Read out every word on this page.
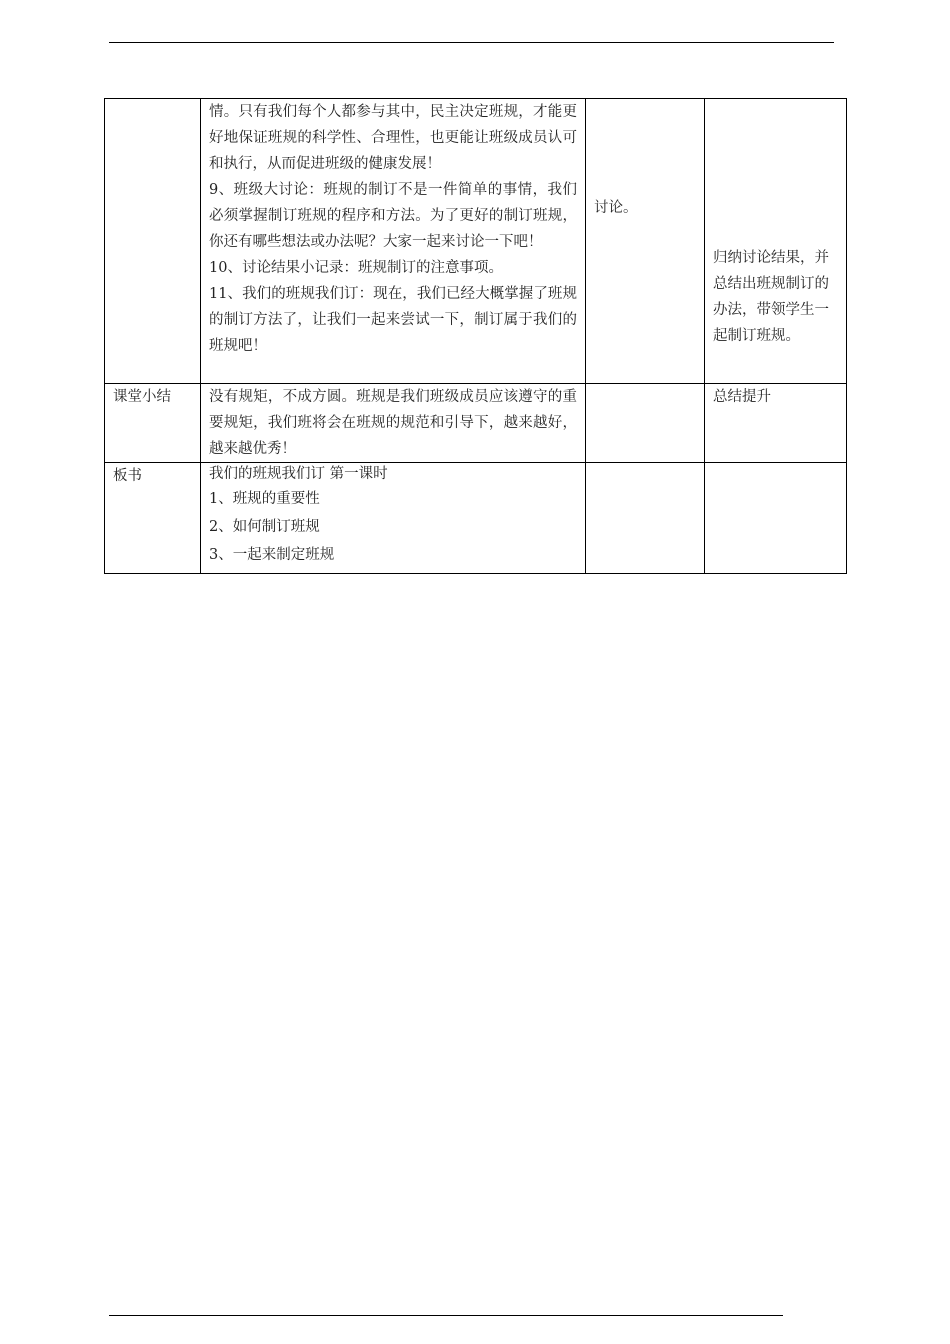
	情。只有我们每个人都参与其中，民主决定班规，才能更好地保证班规的科学性、合理性，也更能让班级成员认可和执行，从而促进班级的健康发展！
9、班级大讨论：班规的制订不是一件简单的事情，我们必须掌握制订班规的程序和方法。为了更好的制订班规，你还有哪些想法或办法呢？大家一起来讨论一下吧！
10、讨论结果小记录：班规制订的注意事项。
11、我们的班规我们订：现在，我们已经大概掌握了班规的制订方法了，让我们一起来尝试一下，制订属于我们的班规吧！	讨论。	归纳讨论结果，并总结出班规制订的办法，带领学生一起制订班规。
课堂小结	没有规矩，不成方圆。班规是我们班级成员应该遵守的重要规矩，我们班将会在班规的规范和引导下，越来越好，越来越优秀！		总结提升
板书	我们的班规我们订 第一课时
1、班规的重要性
2、如何制订班规
3、一起来制定班规		
